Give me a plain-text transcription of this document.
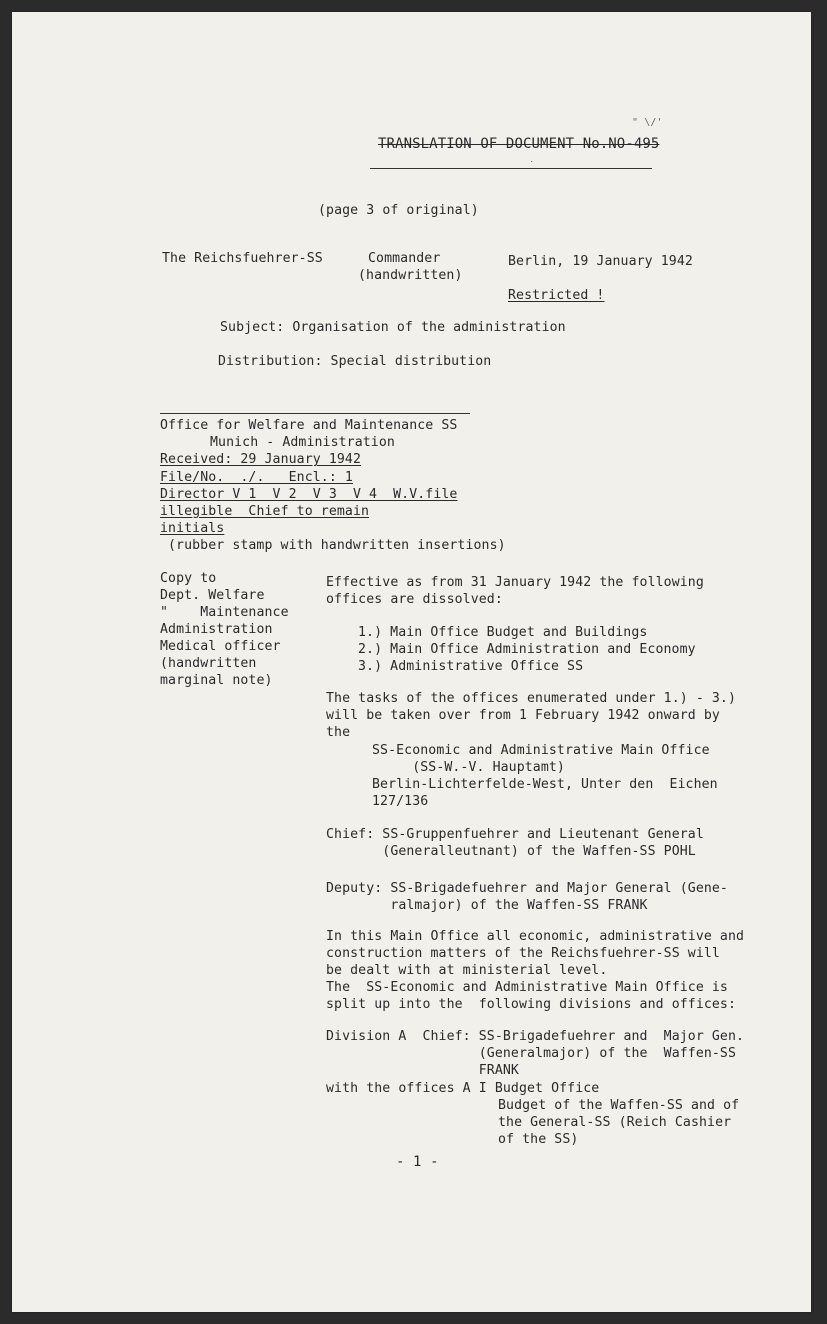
" \/'
TRANSLATION OF DOCUMENT No.NO-495
․
(page 3 of original)
The Reichsfuehrer-SS	Commander
(handwritten)
Berlin, 19 January 1942
Restricted !
Subject: Organisation of the administration
Distribution: Special distribution
Office for Welfare and Maintenance SS
Munich - Administration
Received: 29 January 1942
File/No.  ./.   Encl.: 1
Director V 1  V 2  V 3  V 4  W.V.file
illegible  Chief to remain
initials
(rubber stamp with handwritten insertions)
Copy to
Dept. Welfare
"    Maintenance
Administration
Medical officer
(handwritten
marginal note)
Effective as from 31 January 1942 the following
offices are dissolved:
1.) Main Office Budget and Buildings
2.) Main Office Administration and Economy
3.) Administrative Office SS
The tasks of the offices enumerated under 1.) - 3.)
will be taken over from 1 February 1942 onward by
the
SS-Economic and Administrative Main Office
(SS-W.-V. Hauptamt)
Berlin-Lichterfelde-West, Unter den  Eichen
127/136
Chief: SS-Gruppenfuehrer and Lieutenant General
(Generalleutnant) of the Waffen-SS POHL
Deputy: SS-Brigadefuehrer and Major General (Gene-
ralmajor) of the Waffen-SS FRANK
In this Main Office all economic, administrative and
construction matters of the Reichsfuehrer-SS will
be dealt with at ministerial level.
The  SS-Economic and Administrative Main Office is
split up into the  following divisions and offices:
Division A  Chief: SS-Brigadefuehrer and  Major Gen.
(Generalmajor) of the  Waffen-SS
FRANK
with the offices A I Budget Office
Budget of the Waffen-SS and of
the General-SS (Reich Cashier
of the SS)
- 1 -
